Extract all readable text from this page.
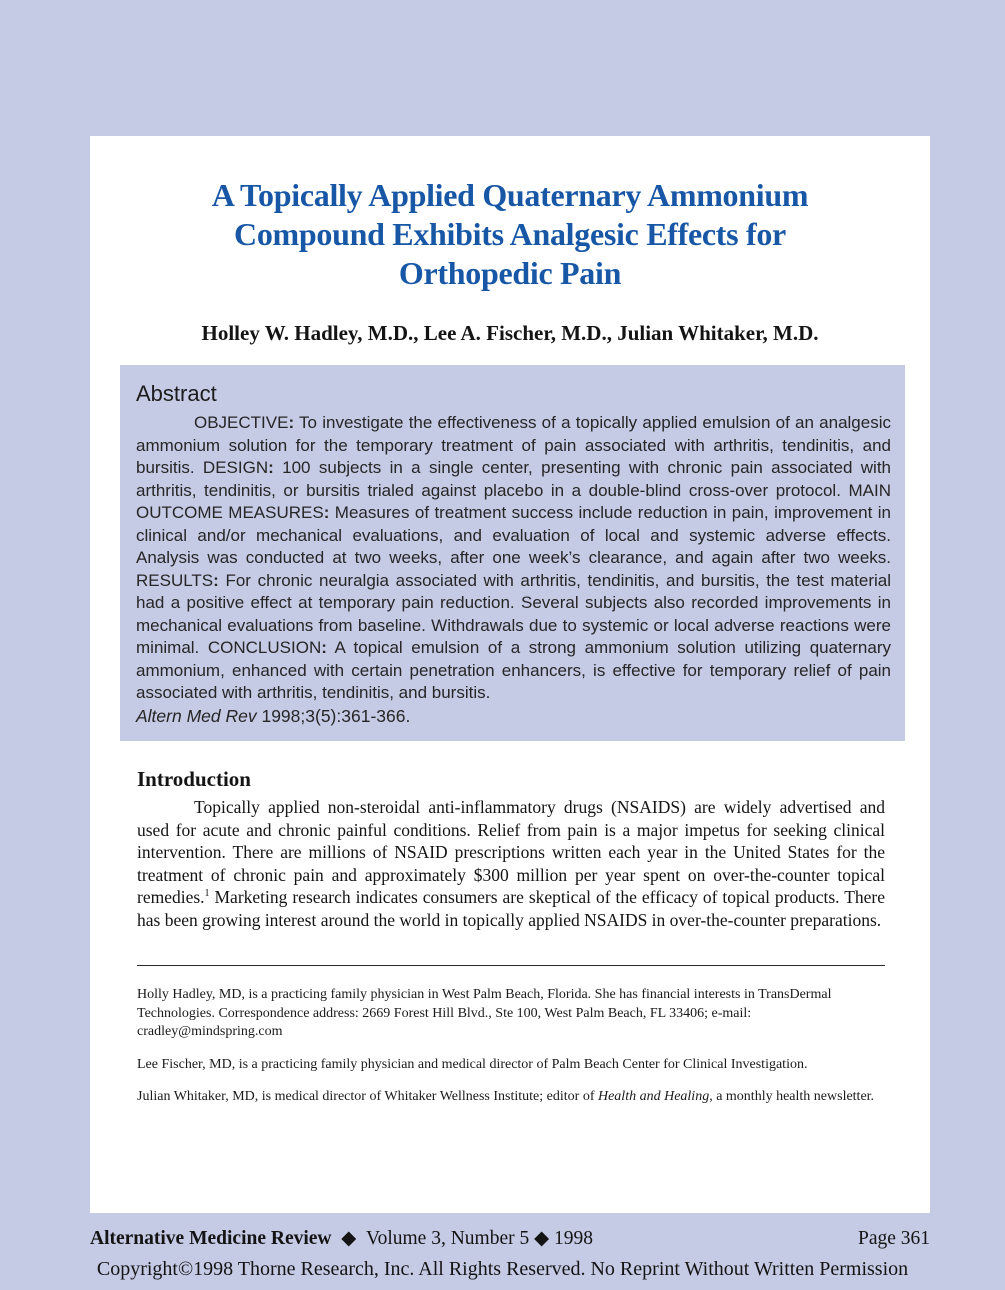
A Topically Applied Quaternary Ammonium
Compound Exhibits Analgesic Effects for
Orthopedic Pain
Holley W. Hadley, M.D., Lee A. Fischer, M.D., Julian Whitaker, M.D.
Abstract

OBJECTIVE: To investigate the effectiveness of a topically applied emulsion of an analgesic ammonium solution for the temporary treatment of pain associated with arthritis, tendinitis, and bursitis. DESIGN: 100 subjects in a single center, presenting with chronic pain associated with arthritis, tendinitis, or bursitis trialed against placebo in a double-blind cross-over protocol. MAIN OUTCOME MEASURES: Measures of treatment success include reduction in pain, improvement in clinical and/or mechanical evaluations, and evaluation of local and systemic adverse effects. Analysis was conducted at two weeks, after one week’s clearance, and again after two weeks. RESULTS: For chronic neuralgia associated with arthritis, tendinitis, and bursitis, the test material had a positive effect at temporary pain reduction. Several subjects also recorded improvements in mechanical evaluations from baseline. Withdrawals due to systemic or local adverse reactions were minimal. CONCLUSION: A topical emulsion of a strong ammonium solution utilizing quaternary ammonium, enhanced with certain penetration enhancers, is effective for temporary relief of pain associated with arthritis, tendinitis, and bursitis.

Altern Med Rev 1998;3(5):361-366.

Introduction

Topically applied non-steroidal anti-inflammatory drugs (NSAIDS) are widely advertised and used for acute and chronic painful conditions. Relief from pain is a major impetus for seeking clinical intervention. There are millions of NSAID prescriptions written each year in the United States for the treatment of chronic pain and approximately $300 million per year spent on over-the-counter topical remedies.$^1$ Marketing research indicates consumers are skeptical of the efficacy of topical products. There has been growing interest around the world in topically applied NSAIDS in over-the-counter preparations.

Holly Hadley, MD, is a practicing family physician in West Palm Beach, Florida. She has financial interests in TransDermal Technologies. Correspondence address: 2669 Forest Hill Blvd., Ste 100, West Palm Beach, FL 33406; e-mail: cradley@mindspring.com

Lee Fischer, MD, is a practicing family physician and medical director of Palm Beach Center for Clinical Investigation.

Julian Whitaker, MD, is medical director of Whitaker Wellness Institute; editor of Health and Healing, a monthly health newsletter.

Alternative Medicine Review ◆ Volume 3, Number 5 ◆ 1998	Page 361
Copyright©1998 Thorne Research, Inc. All Rights Reserved. No Reprint Without Written Permission
